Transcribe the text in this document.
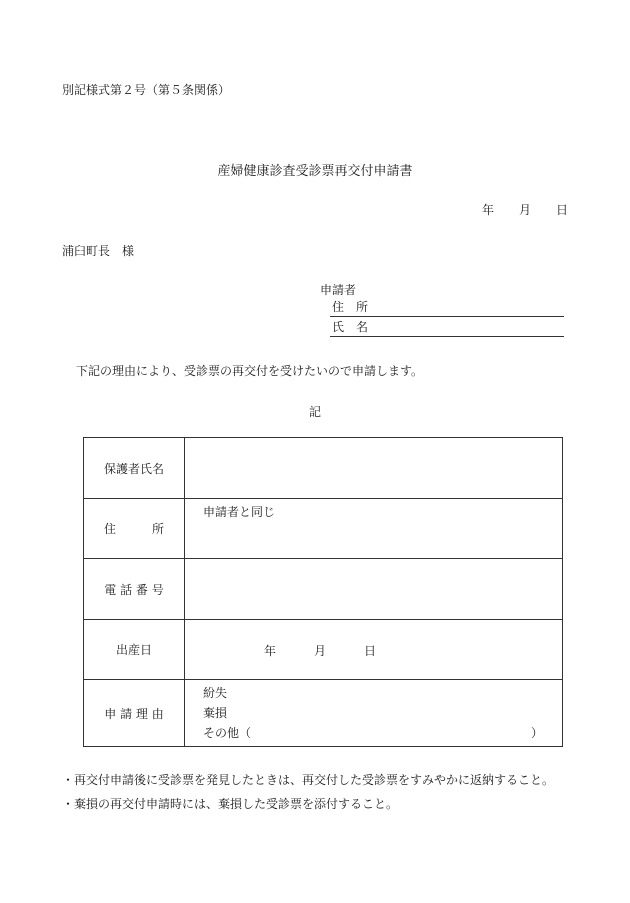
別記様式第２号（第５条関係）
産婦健康診査受診票再交付申請書
年 月 日
浦臼町長　様
申請者
住　所
氏　名
下記の理由により、受診票の再交付を受けたいので申請します。
記
保護者氏名	

住 所	申請者と同じ

電 話 番 号	
出産日	年 月 日

申 請 理 由	紛失
棄損
その他（ ）
・再交付申請後に受診票を発見したときは、再交付した受診票をすみやかに返納すること。
・棄損の再交付申請時には、棄損した受診票を添付すること。
